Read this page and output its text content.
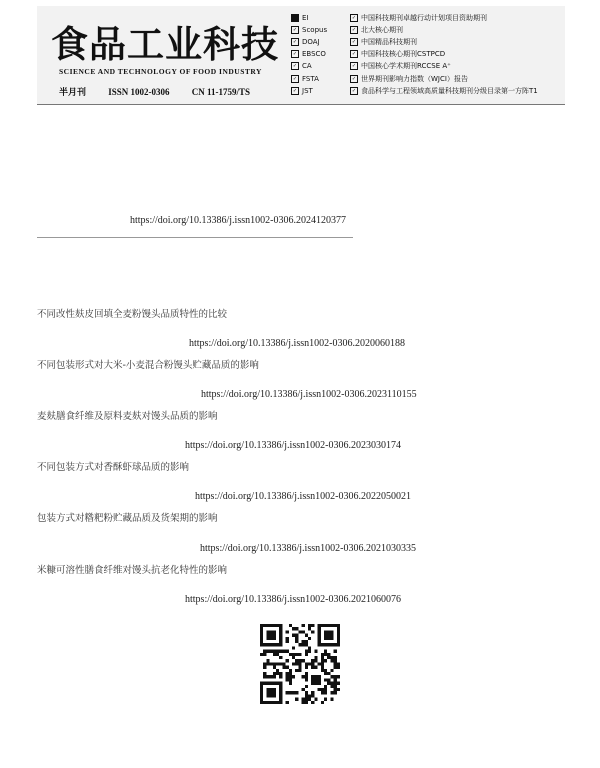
食品工业科技
SCIENCE AND TECHNOLOGY OF FOOD INDUSTRY
半月刊 ISSN 1002-0306 CN 11-1759/TS
EI
✓ Scopus
✓ DOAJ
✓ EBSCO
✓ CA
✓ FSTA
✓ JST
✓ 中国科技期刊卓越行动计划项目资助期刊
✓ 北大核心期刊
✓ 中国精品科技期刊
✓ 中国科技核心期刊CSTPCD
✓ 中国核心学术期刊RCCSE A⁺
✓ 世界期刊影响力指数（WJCI）报告
✓ 食品科学与工程领域高质量科技期刊分级目录第一方阵T1
https://doi.org/10.13386/j.issn1002-0306.2024120377
不同改性麸皮回填全麦粉馒头品质特性的比较
https://doi.org/10.13386/j.issn1002-0306.2020060188
不同包装形式对大米-小麦混合粉馒头贮藏品质的影响
https://doi.org/10.13386/j.issn1002-0306.2023110155
麦麸膳食纤维及原料麦麸对馒头品质的影响
https://doi.org/10.13386/j.issn1002-0306.2023030174
不同包装方式对香酥虾球品质的影响
https://doi.org/10.13386/j.issn1002-0306.2022050021
包装方式对糌粑粉贮藏品质及货架期的影响
https://doi.org/10.13386/j.issn1002-0306.2021030335
米糠可溶性膳食纤维对馒头抗老化特性的影响
https://doi.org/10.13386/j.issn1002-0306.2021060076
